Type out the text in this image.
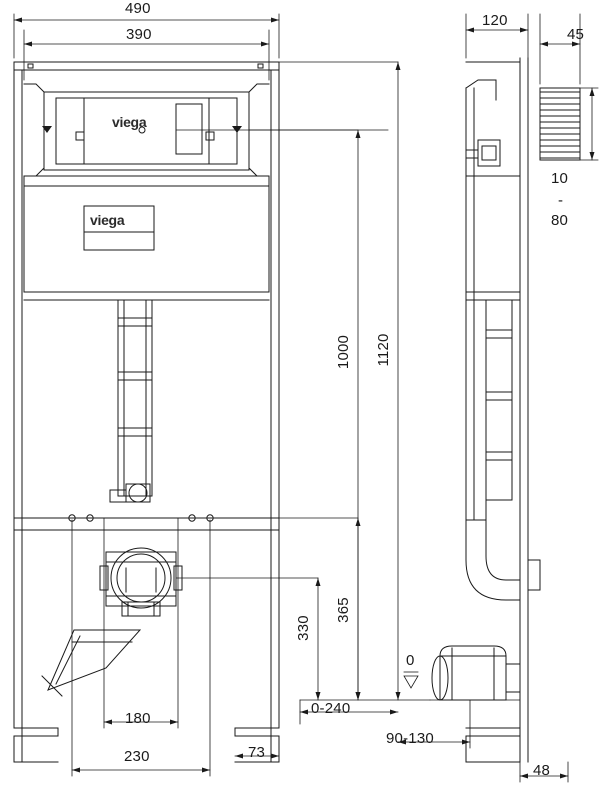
viega
viega
490
390
120
45
10
-
80
1120
1000
365
330
0
0-240
73
180
230
90-130
48
